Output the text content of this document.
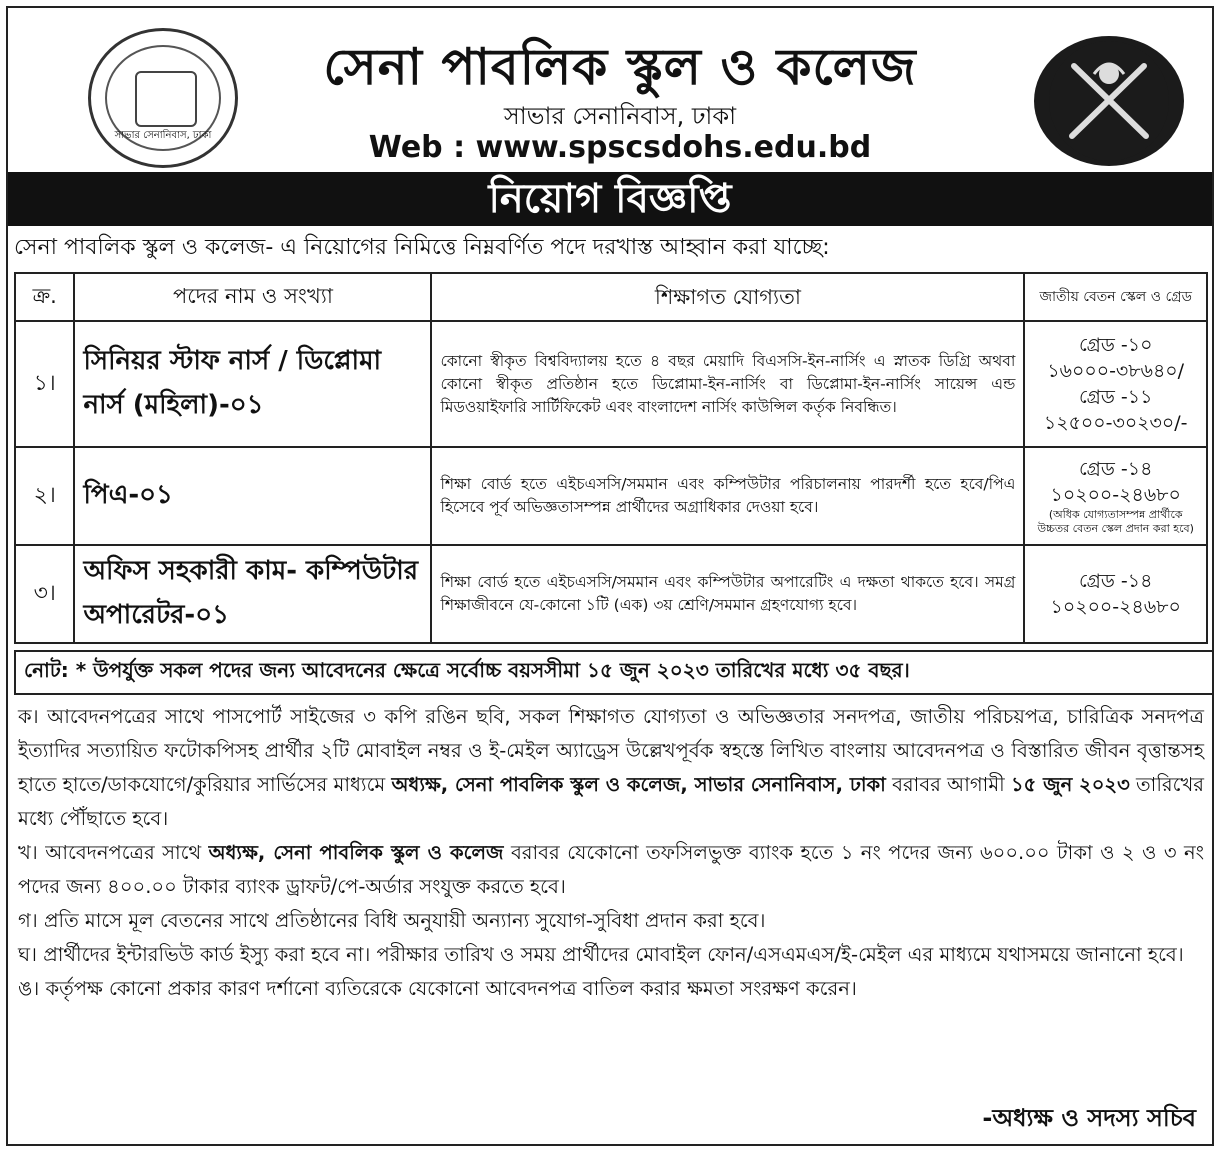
সাভার সেনানিবাস, ঢাকা
সেনা পাবলিক স্কুল ও কলেজ
সাভার সেনানিবাস, ঢাকা
Web : www.spscsdohs.edu.bd
নিয়োগ বিজ্ঞপ্তি
সেনা পাবলিক স্কুল ও কলেজ- এ নিয়োগের নিমিত্তে নিম্নবর্ণিত পদে দরখাস্ত আহ্বান করা যাচ্ছে:
ক্র.	পদের নাম ও সংখ্যা	শিক্ষাগত যোগ্যতা	জাতীয় বেতন স্কেল ও গ্রেড
১।	সিনিয়র স্টাফ নার্স / ডিপ্লোমা নার্স (মহিলা)-০১	কোনো স্বীকৃত বিশ্ববিদ্যালয় হতে ৪ বছর মেয়াদি বিএসসি-ইন-নার্সিং এ স্নাতক ডিগ্রি অথবা কোনো স্বীকৃত প্রতিষ্ঠান হতে ডিপ্লোমা-ইন-নার্সিং বা ডিপ্লোমা-ইন-নার্সিং সায়েন্স এন্ড মিডওয়াইফারি সার্টিফিকেট এবং বাংলাদেশ নার্সিং কাউন্সিল কর্তৃক নিবন্ধিত।	গ্রেড -১০ ১৬০০০-৩৮৬৪০/ গ্রেড -১১ ১২৫০০-৩০২৩০/-
২।	পিএ-০১	শিক্ষা বোর্ড হতে এইচএসসি/সমমান এবং কম্পিউটার পরিচালনায় পারদর্শী হতে হবে/পিএ হিসেবে পূর্ব অভিজ্ঞতাসম্পন্ন প্রার্থীদের অগ্রাধিকার দেওয়া হবে।	গ্রেড -১৪ ১০২০০-২৪৬৮০
(অধিক যোগ্যতাসম্পন্ন প্রার্থীকে উচ্চতর বেতন স্কেল প্রদান করা হবে)

৩।	অফিস সহকারী কাম- কম্পিউটার অপারেটর-০১	শিক্ষা বোর্ড হতে এইচএসসি/সমমান এবং কম্পিউটার অপারেটিং এ দক্ষতা থাকতে হবে। সমগ্র শিক্ষাজীবনে যে-কোনো ১টি (এক) ৩য় শ্রেণি/সমমান গ্রহণযোগ্য হবে।	গ্রেড -১৪ ১০২০০-২৪৬৮০
নোট: * উপর্যুক্ত সকল পদের জন্য আবেদনের ক্ষেত্রে সর্বোচ্চ বয়সসীমা ১৫ জুন ২০২৩ তারিখের মধ্যে ৩৫ বছর।

ক। আবেদনপত্রের সাথে পাসপোর্ট সাইজের ৩ কপি রঙিন ছবি, সকল শিক্ষাগত যোগ্যতা ও অভিজ্ঞতার সনদপত্র, জাতীয় পরিচয়পত্র, চারিত্রিক সনদপত্র ইত্যাদির সত্যায়িত ফটোকপিসহ প্রার্থীর ২টি মোবাইল নম্বর ও ই-মেইল অ্যাড্রেস উল্লেখপূর্বক স্বহস্তে লিখিত বাংলায় আবেদনপত্র ও বিস্তারিত জীবন বৃত্তান্তসহ হাতে হাতে/ডাকযোগে/কুরিয়ার সার্ভিসের মাধ্যমে অধ্যক্ষ, সেনা পাবলিক স্কুল ও কলেজ, সাভার সেনানিবাস, ঢাকা বরাবর আগামী ১৫ জুন ২০২৩ তারিখের মধ্যে পৌঁছাতে হবে।

খ। আবেদনপত্রের সাথে অধ্যক্ষ, সেনা পাবলিক স্কুল ও কলেজ বরাবর যেকোনো তফসিলভুক্ত ব্যাংক হতে ১ নং পদের জন্য ৬০০.০০ টাকা ও ২ ও ৩ নং পদের জন্য ৪০০.০০ টাকার ব্যাংক ড্রাফট/পে-অর্ডার সংযুক্ত করতে হবে।

গ। প্রতি মাসে মূল বেতনের সাথে প্রতিষ্ঠানের বিধি অনুযায়ী অন্যান্য সুযোগ-সুবিধা প্রদান করা হবে।

ঘ। প্রার্থীদের ইন্টারভিউ কার্ড ইস্যু করা হবে না। পরীক্ষার তারিখ ও সময় প্রার্থীদের মোবাইল ফোন/এসএমএস/ই-মেইল এর মাধ্যমে যথাসময়ে জানানো হবে।

ঙ। কর্তৃপক্ষ কোনো প্রকার কারণ দর্শানো ব্যতিরেকে যেকোনো আবেদনপত্র বাতিল করার ক্ষমতা সংরক্ষণ করেন।

-অধ্যক্ষ ও সদস্য সচিব
